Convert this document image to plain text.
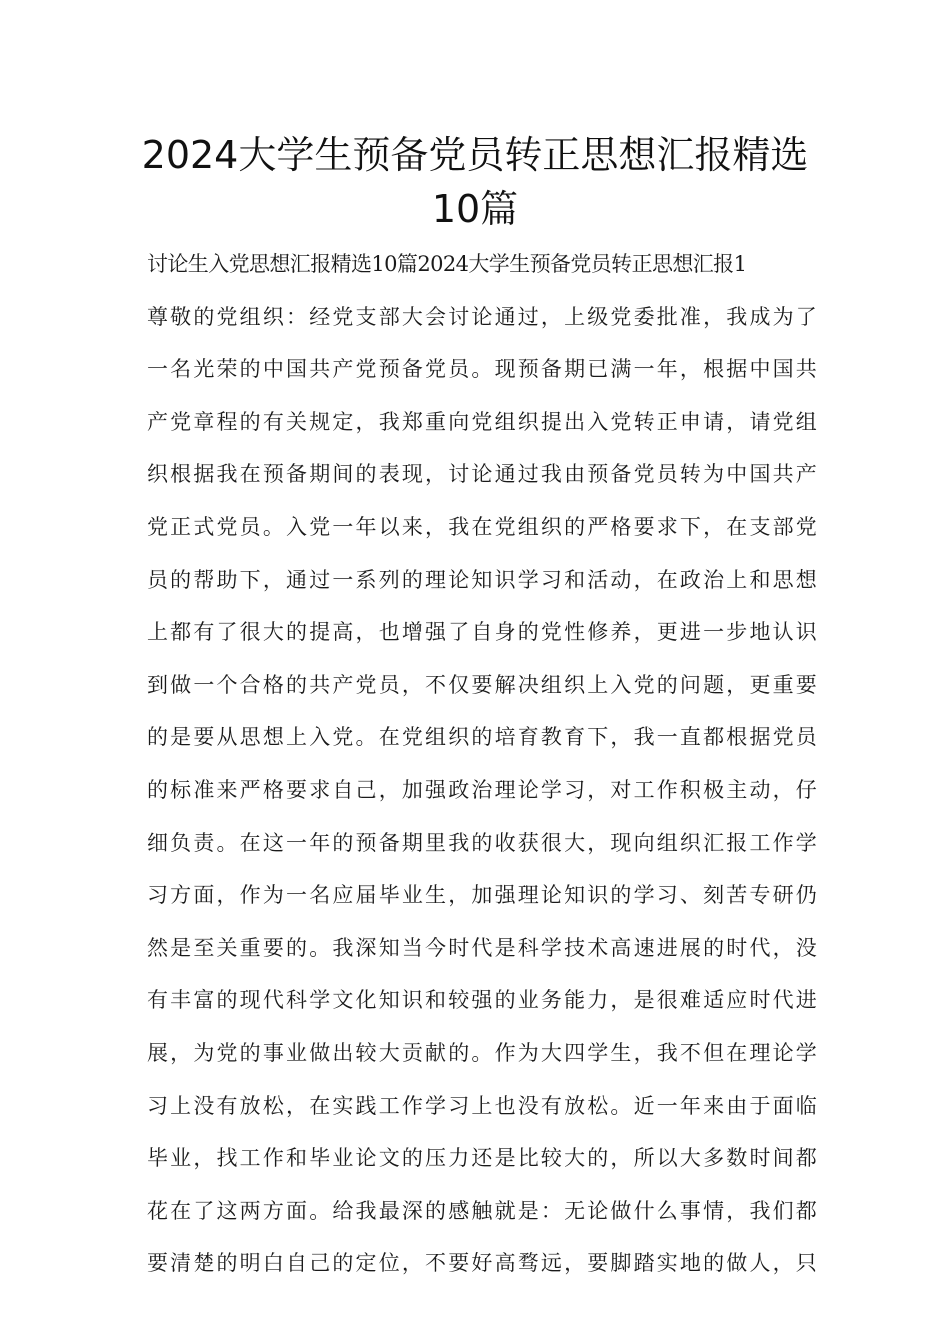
2024大学生预备党员转正思想汇报精选
10篇
讨论生入党思想汇报精选10篇2024大学生预备党员转正思想汇报1
尊敬的党组织：经党支部大会讨论通过，上级党委批准，我成为了
一名光荣的中国共产党预备党员。现预备期已满一年，根据中国共
产党章程的有关规定，我郑重向党组织提出入党转正申请，请党组
织根据我在预备期间的表现，讨论通过我由预备党员转为中国共产
党正式党员。入党一年以来，我在党组织的严格要求下，在支部党
员的帮助下，通过一系列的理论知识学习和活动，在政治上和思想
上都有了很大的提高，也增强了自身的党性修养，更进一步地认识
到做一个合格的共产党员，不仅要解决组织上入党的问题，更重要
的是要从思想上入党。在党组织的培育教育下，我一直都根据党员
的标准来严格要求自己，加强政治理论学习，对工作积极主动，仔
细负责。在这一年的预备期里我的收获很大，现向组织汇报工作学
习方面，作为一名应届毕业生，加强理论知识的学习、刻苦专研仍
然是至关重要的。我深知当今时代是科学技术高速进展的时代，没
有丰富的现代科学文化知识和较强的业务能力，是很难适应时代进
展，为党的事业做出较大贡献的。作为大四学生，我不但在理论学
习上没有放松，在实践工作学习上也没有放松。近一年来由于面临
毕业，找工作和毕业论文的压力还是比较大的，所以大多数时间都
花在了这两方面。给我最深的感触就是：无论做什么事情，我们都
要清楚的明白自己的定位，不要好高骛远，要脚踏实地的做人，只
